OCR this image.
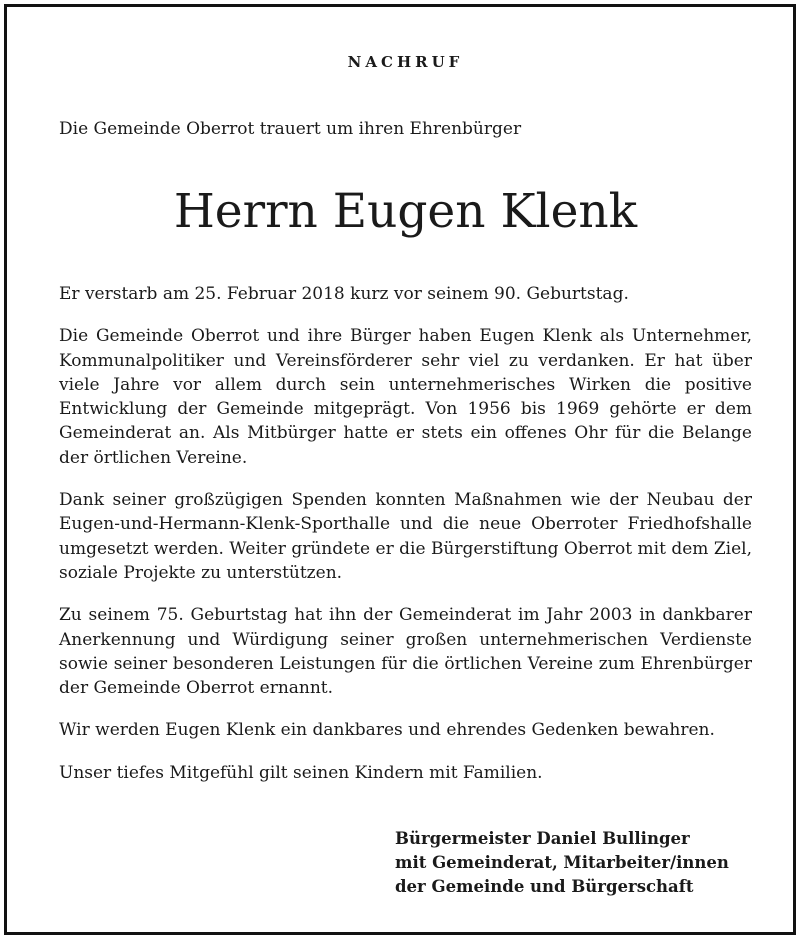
NACHRUF

Die Gemeinde Oberrot trauert um ihren Ehrenbürger

Herrn Eugen Klenk

Er verstarb am 25. Februar 2018 kurz vor seinem 90. Geburtstag.

Die Gemeinde Oberrot und ihre Bürger haben Eugen Klenk als Unternehmer, Kommunalpolitiker und Vereinsförderer sehr viel zu verdanken. Er hat über viele Jahre vor allem durch sein unternehmerisches Wirken die positive Entwicklung der Gemeinde mitgeprägt. Von 1956 bis 1969 gehörte er dem Gemeinderat an. Als Mitbürger hatte er stets ein offenes Ohr für die Belange der örtlichen Vereine.

Dank seiner großzügigen Spenden konnten Maßnahmen wie der Neubau der Eugen-und-Hermann-Klenk-Sporthalle und die neue Oberroter Friedhofshalle umgesetzt werden. Weiter gründete er die Bürgerstiftung Oberrot mit dem Ziel, soziale Projekte zu unterstützen.

Zu seinem 75. Geburtstag hat ihn der Gemeinderat im Jahr 2003 in dankbarer Anerkennung und Würdigung seiner großen unternehmerischen Verdienste sowie seiner besonderen Leistungen für die örtlichen Vereine zum Ehrenbürger der Gemeinde Oberrot ernannt.

Wir werden Eugen Klenk ein dankbares und ehrendes Gedenken bewahren.

Unser tiefes Mitgefühl gilt seinen Kindern mit Familien.

Bürgermeister Daniel Bullinger
mit Gemeinderat, Mitarbeiter/innen
der Gemeinde und Bürgerschaft
